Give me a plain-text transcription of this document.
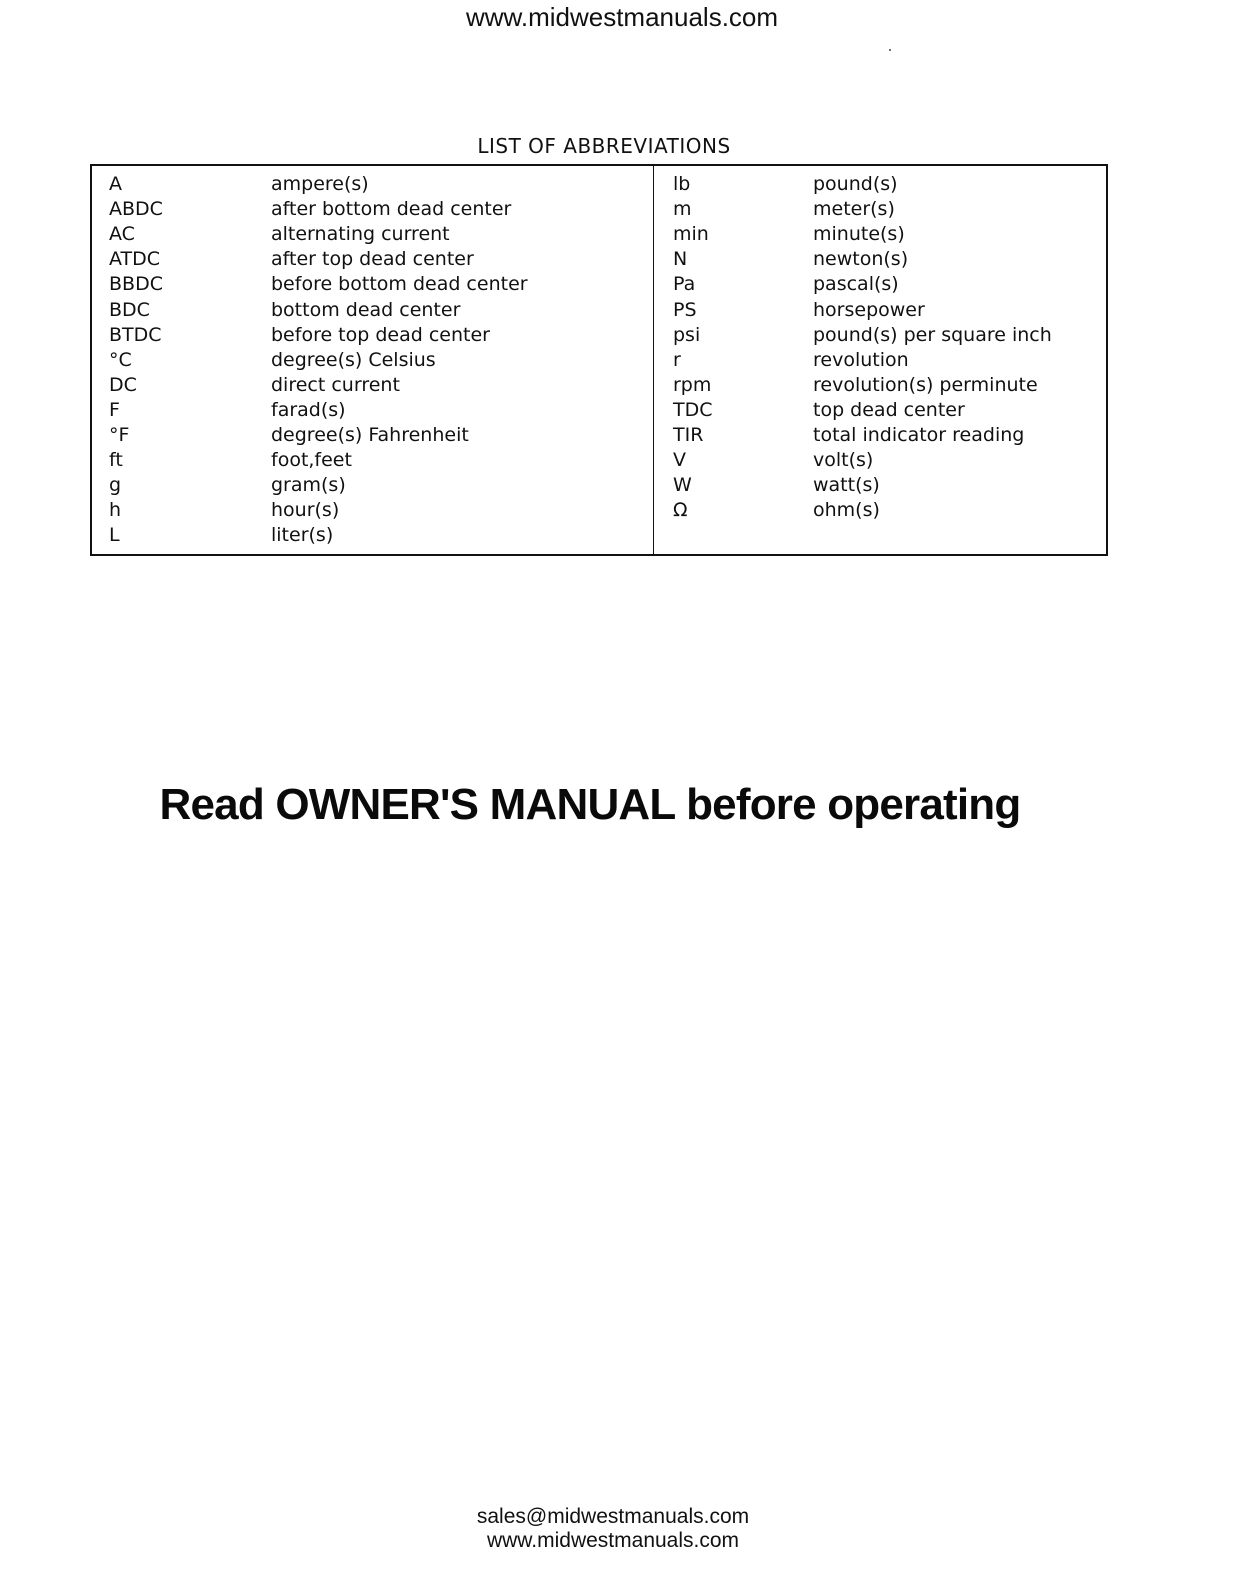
www.midwestmanuals.com
LIST OF ABBREVIATIONS
A	ampere(s)
ABDC	after bottom dead center
AC	alternating current
ATDC	after top dead center
BBDC	before bottom dead center
BDC	bottom dead center
BTDC	before top dead center
°C	degree(s) Celsius
DC	direct current
F	farad(s)
°F	degree(s) Fahrenheit
ft	foot,feet
g	gram(s)
h	hour(s)
L	liter(s)
lb	pound(s)
m	meter(s)
min	minute(s)
N	newton(s)
Pa	pascal(s)
PS	horsepower
psi	pound(s) per square inch
r	revolution
rpm	revolution(s) perminute
TDC	top dead center
TIR	total indicator reading
V	volt(s)
W	watt(s)
Ω	ohm(s)
Read OWNER'S MANUAL before operating
sales@midwestmanuals.com
www.midwestmanuals.com
